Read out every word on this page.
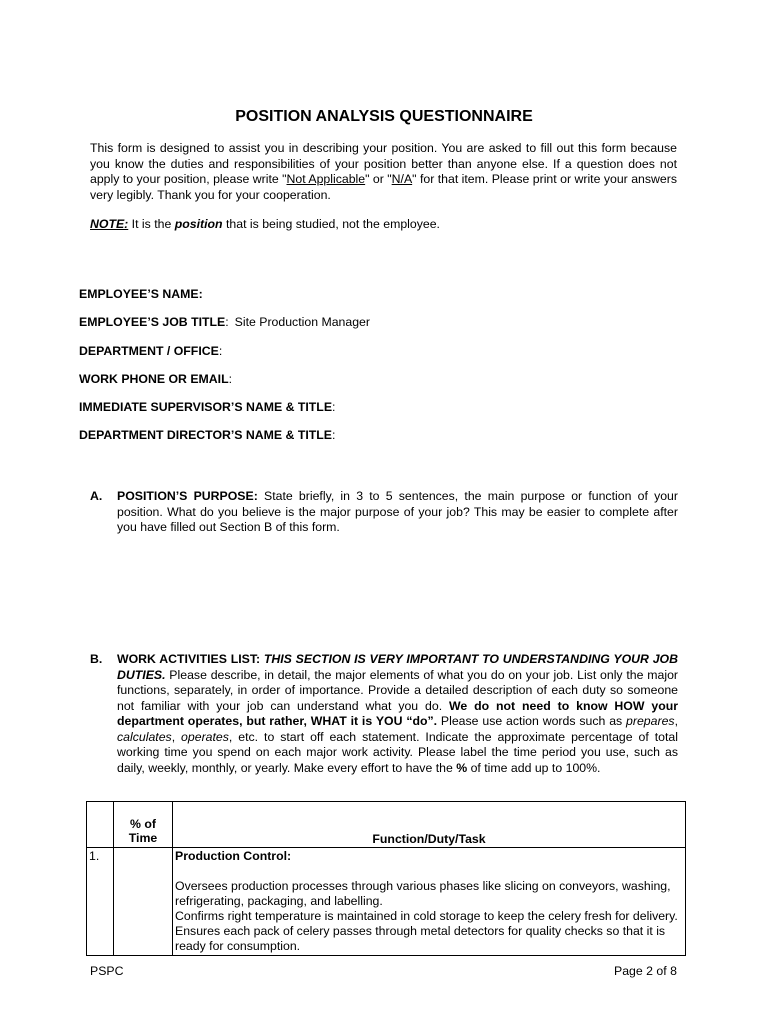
POSITION ANALYSIS QUESTIONNAIRE
This form is designed to assist you in describing your position. You are asked to fill out this form because you know the duties and responsibilities of your position better than anyone else. If a question does not apply to your position, please write "Not Applicable" or "N/A" for that item. Please print or write your answers very legibly. Thank you for your cooperation.
NOTE: It is the position that is being studied, not the employee.
EMPLOYEE’S NAME:
EMPLOYEE’S JOB TITLE: Site Production Manager
DEPARTMENT / OFFICE:
WORK PHONE OR EMAIL:
IMMEDIATE SUPERVISOR’S NAME & TITLE:
DEPARTMENT DIRECTOR’S NAME & TITLE:
A. POSITION’S PURPOSE: State briefly, in 3 to 5 sentences, the main purpose or function of your position. What do you believe is the major purpose of your job? This may be easier to complete after you have filled out Section B of this form.
B. WORK ACTIVITIES LIST: THIS SECTION IS VERY IMPORTANT TO UNDERSTANDING YOUR JOB DUTIES. Please describe, in detail, the major elements of what you do on your job. List only the major functions, separately, in order of importance. Provide a detailed description of each duty so someone not familiar with your job can understand what you do. We do not need to know HOW your department operates, but rather, WHAT it is YOU “do”. Please use action words such as prepares, calculates, operates, etc. to start off each statement. Indicate the approximate percentage of total working time you spend on each major work activity. Please label the time period you use, such as daily, weekly, monthly, or yearly. Make every effort to have the % of time add up to 100%.
	% of Time	Function/Duty/Task
1.		Production Control:
Oversees production processes through various phases like slicing on conveyors, washing, refrigerating, packaging, and labelling.
Confirms right temperature is maintained in cold storage to keep the celery fresh for delivery.
Ensures each pack of celery passes through metal detectors for quality checks so that it is ready for consumption.
PSPC	Page 2 of 8
